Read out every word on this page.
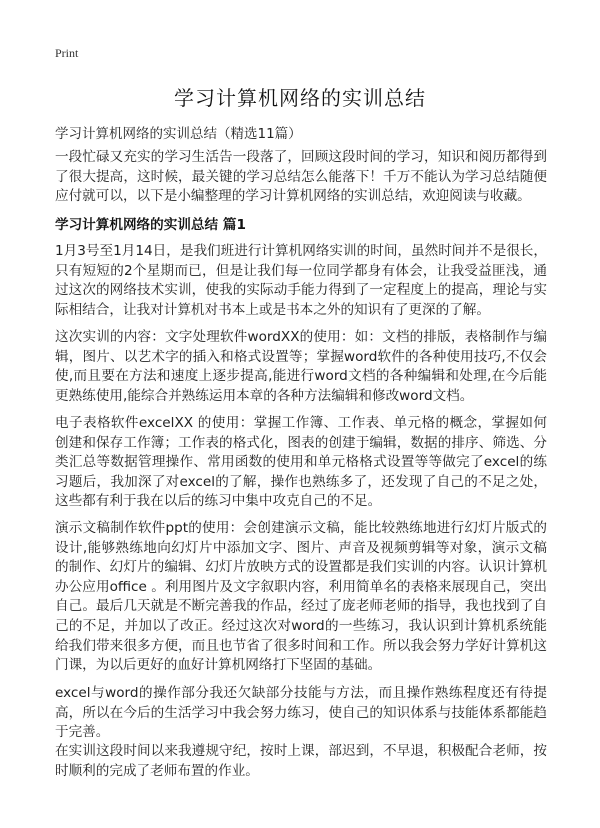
Print
学习计算机网络的实训总结
学习计算机网络的实训总结（精选11篇）

一段忙碌又充实的学习生活告一段落了，回顾这段时间的学习，知识和阅历都得到了很大提高，这时候，最关键的学习总结怎么能落下！千万不能认为学习总结随便应付就可以，以下是小编整理的学习计算机网络的实训总结，欢迎阅读与收藏。

学习计算机网络的实训总结 篇1

1月3号至1月14日，是我们班进行计算机网络实训的时间，虽然时间并不是很长，只有短短的2个星期而已，但是让我们每一位同学都身有体会，让我受益匪浅，通过这次的网络技术实训，使我的实际动手能力得到了一定程度上的提高，理论与实际相结合，让我对计算机对书本上或是书本之外的知识有了更深的了解。

这次实训的内容：文字处理软件wordXX的使用：如：文档的排版，表格制作与编辑，图片、以艺术字的插入和格式设置等；掌握word软件的各种使用技巧,不仅会使,而且要在方法和速度上逐步提高,能进行word文档的各种编辑和处理,在今后能更熟练使用,能综合并熟练运用本章的各种方法编辑和修改word文档。

电子表格软件excelXX 的使用：掌握工作簿、工作表、单元格的概念，掌握如何创建和保存工作簿；工作表的格式化，图表的创建于编辑，数据的排序、筛选、分类汇总等数据管理操作、常用函数的使用和单元格格式设置等等做完了excel的练习题后，我加深了对excel的了解，操作也熟练多了，还发现了自己的不足之处，这些都有利于我在以后的练习中集中攻克自己的不足。

演示文稿制作软件ppt的使用：会创建演示文稿，能比较熟练地进行幻灯片版式的设计,能够熟练地向幻灯片中添加文字、图片、声音及视频剪辑等对象，演示文稿的制作、幻灯片的编辑、幻灯片放映方式的设置都是我们实训的内容。认识计算机办公应用office 。利用图片及文字叙职内容，利用简单名的表格来展现自己，突出自己。最后几天就是不断完善我的作品，经过了庞老师老师的指导，我也找到了自己的不足，并加以了改正。经过这次对word的一些练习，我认识到计算机系统能给我们带来很多方便，而且也节省了很多时间和工作。所以我会努力学好计算机这门课，为以后更好的血好计算机网络打下坚固的基础。

excel与word的操作部分我还欠缺部分技能与方法，而且操作熟练程度还有待提高，所以在今后的生活学习中我会努力练习，使自己的知识体系与技能体系都能趋于完善。

在实训这段时间以来我遵规守纪，按时上课，部迟到，不早退，积极配合老师，按时顺利的完成了老师布置的作业。
